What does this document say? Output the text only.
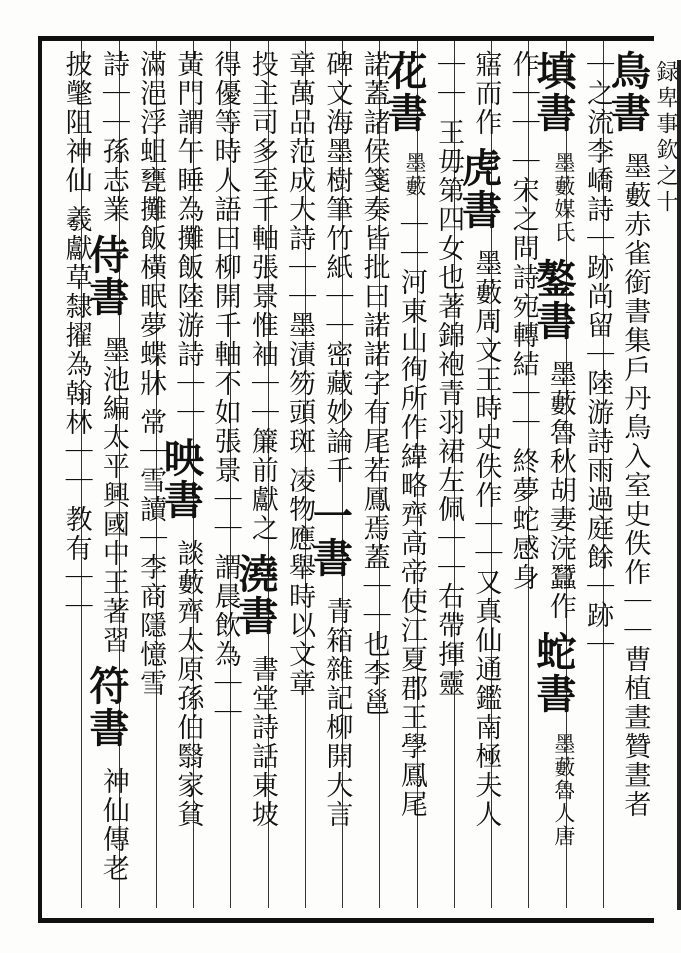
録卑事欽之十
鳥書
墨藪赤雀銜書集戶丹鳥入室史佚作｜｜曹植晝贊晝者
｜之流李嶠詩｜跡尚留｜陸游詩雨過庭餘｜跡｜
填書
墨藪媒氏
鏊書
墨藪魯秋胡妻浣蠶作
蛇書
墨藪魯人唐
作｜｜
｜宋之問詩宛轉結｜｜
終夢蛇感身
寤而作
虎書
墨藪周文王時史佚作｜｜又真仙通鑑南極夫人
｜｜
王毋第四女也著錦袍青羽裙左佩｜｜右帶揮靈
花書
墨藪
｜｜河東山徇所作緯略齊高帝使江夏郡王學鳳尾
諾蓋諸侯箋奏皆批曰諾諾字有尾若鳳焉蓋｜｜也李邕
碑文海墨樹筆竹紙｜｜密藏妙論千
一書
青箱雜記柳開大言
章萬品范成大詩｜｜墨漬笏頭斑
凌物應舉時以文章
投主司多至千軸張景惟袖｜｜簾前獻之
澆書
書堂詩話東坡
得優等時人語曰柳開千軸不如張景｜｜
謂晨飲為｜｜
黃門謂午睡為攤飯陸游詩｜｜
映書
談藪齊太原孫伯翳家貧
滿浥浮蛆甕攤飯橫眠夢蝶牀
常｜雪讀｜李商隱憶雪
詩｜｜孫志業
侍書
墨池編太平興國中王著習
符書
神仙傳老
披氅阻神仙
羲獻草隸擢為翰林｜｜
教有｜｜
